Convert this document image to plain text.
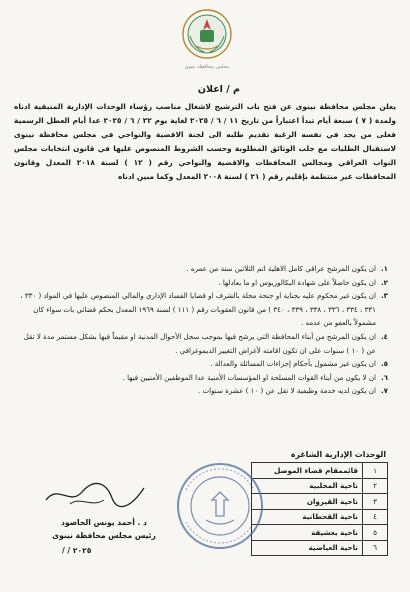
مجلس محافظة نينوى
م / اعلان
يعلن مجلس محافظة نينوى عن فتح باب الترشيح لاشغال مناصب رؤساء الوحدات الإدارية المتبقية ادناه ولمدة ( ٧ ) سبعة أيام تبدأ اعتباراً من تاريخ ١١ / ٦ / ٢٠٢٥ لغاية يوم ٢٢ / ٦ / ٢٠٢٥ عدا أيام العطل الرسمية فعلى من يجد في نفسه الرغبة تقديم طلبه الى لجنة الاقضية والنواحي في مجلس محافظة نينوى لاستقبال الطلبات مع جلب الوثائق المطلوبة وحسب الشروط المنصوص عليها في قانون انتخابات مجلس النواب العراقي ومجالس المحافظات والاقضية والنواحي رقم ( ١٢ ) لسنة ٢٠١٨ المعدل وقانون المحافظات غير منتظمة بإقليم رقم ( ٢١ ) لسنة ٢٠٠٨ المعدل وكما مبين ادناه
١.
ان يكون المرشح عراقي كامل الاهلية اتم الثلاثين سنة من عمره .
٢.
ان يكون حاصلاً على شهادة البكالوريوس او ما يعادلها .
٣.
ان يكون غير محكوم عليه بجناية او جنحة مخلة بالشرف او قضايا الفساد الإداري والمالي المنصوص عليها في المواد ( ٣٣٠ ، ٣٣١ ، ٣٣٤ ، ٣٣٦ ، ٣٣٨ ، ٣٣٩ ، ٣٤٠ ) من قانون العقوبات رقم ( ١١١ ) لسنة ١٩٦٩ المعدل بحكم قضائي بات سواء كان مشمولاً بالعفو من عدمه .
٤.
ان يكون المرشح من أبناء المحافظة التي يرشح فيها بموجب سجل الأحوال المدنية او مقيماً فيها بشكل مستمر مدة لا تقل عن ( ١٠ ) سنوات على ان تكون اقامته لأغراض التغيير الديموغرافي .
٥.
ان يكون غير مشمول بأحكام إجراءات المسائلة والعدالة .
٦.
ان لا يكون من أبناء القوات المسلحة او المؤسسات الأمنية عدا الموظفين الأمنيين فيها .
٧.
ان يكون لديه خدمة وظيفية لا تقل عن ( ١٠ ) عشرة سنوات .
الوحدات الإدارية الشاغرة
١	قائممقام قضاء الموصل
٢	ناحية المحلبية
٣	ناحية القيروان
٤	ناحية القحطانية
٥	ناحية بعشيقة
٦	ناحية العياضية
د . أحمد يونس الحاصود
رئيس مجلس محافظة نينوى
٢٠٢٥ / /
